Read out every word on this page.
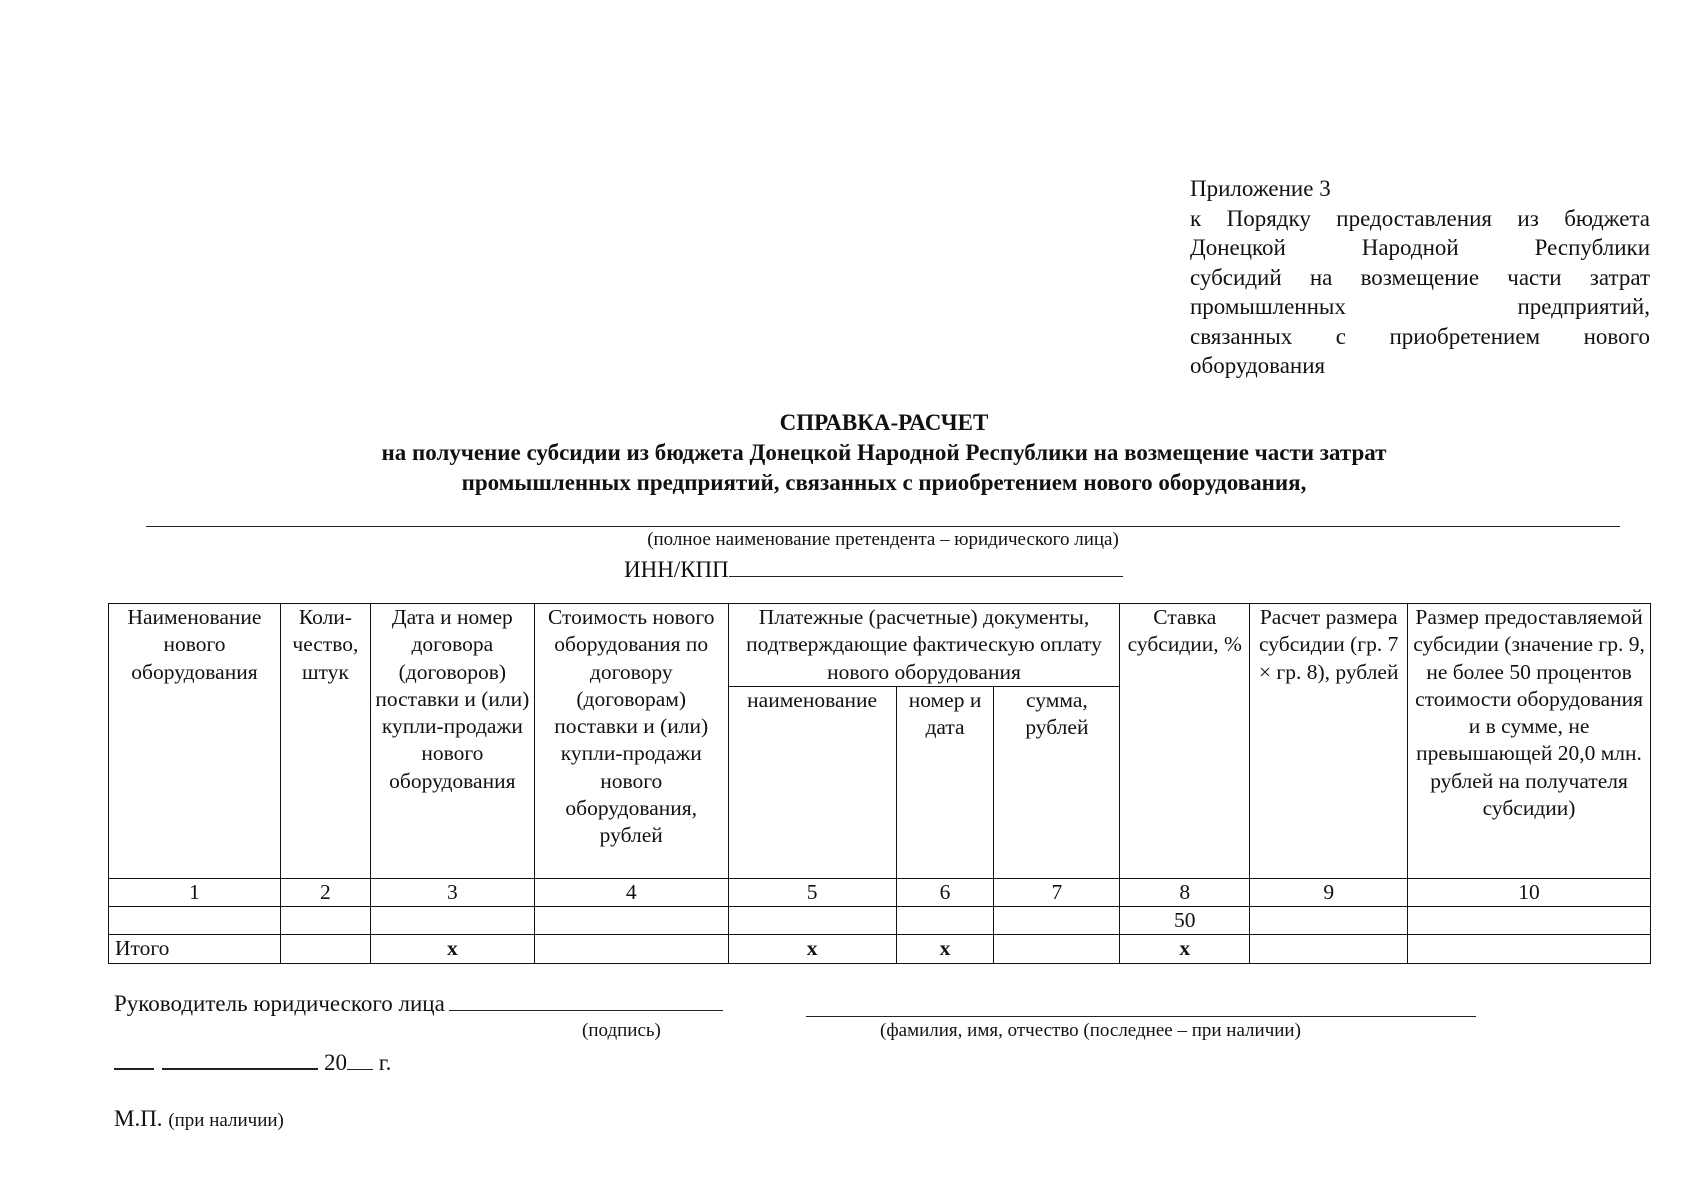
Приложение 3
к Порядку предоставления из бюджета
Донецкой Народной Республики
субсидий на возмещение части затрат
промышленных предприятий,
связанных с приобретением нового
оборудования
СПРАВКА-РАСЧЕТ
на получение субсидии из бюджета Донецкой Народной Республики на возмещение части затрат
промышленных предприятий, связанных с приобретением нового оборудования,
(полное наименование претендента – юридического лица)
ИНН/КПП
Наименование нового оборудования	Коли-чество, штук	Дата и номер договора (договоров) поставки и (или) купли-продажи нового оборудования	Стоимость нового оборудования по договору (договорам) поставки и (или) купли-продажи нового оборудования, рублей	Платежные (расчетные) документы, подтверждающие фактическую оплату нового оборудования			Ставка субсидии, %	Расчет размера субсидии (гр. 7 × гр. 8), рублей	Размер предоставляемой субсидии (значение гр. 9, не более 50 процентов стоимости оборудования и в сумме, не превышающей 20,0 млн. рублей на получателя субсидии)
				наименование	номер и дата	сумма, рублей			
1	2	3	4	5	6	7	8	9	10
							50		
Итого		х		х	х		х		
Руководитель юридического лица
(подпись)	(фамилия, имя, отчество (последнее – при наличии)
20 г.
М.П. (при наличии)
